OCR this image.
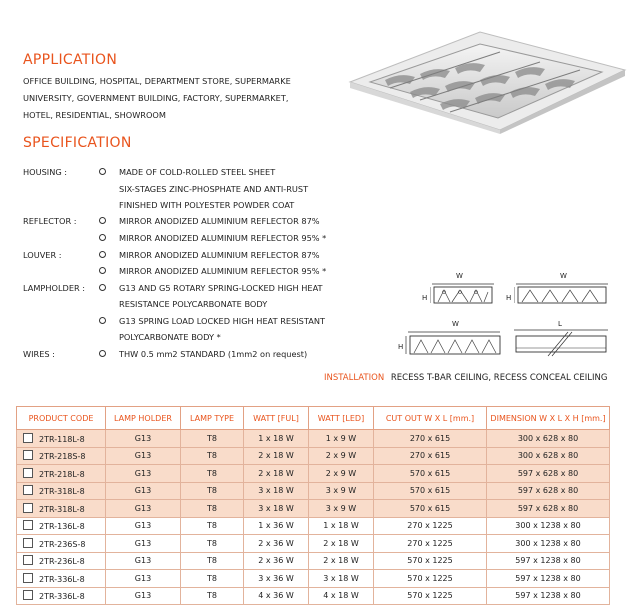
APPLICATION
OFFICE BUILDING, HOSPITAL, DEPARTMENT STORE, SUPERMARKE
UNIVERSITY, GOVERNMENT BUILDING, FACTORY, SUPERMARKET,
HOTEL, RESIDENTIAL, SHOWROOM
SPECIFICATION
HOUSING :	MADE OF COLD-ROLLED STEEL SHEET
SIX-STAGES ZINC-PHOSPHATE AND ANTI-RUST
FINISHED WITH POLYESTER POWDER COAT
REFLECTOR :	MIRROR ANODIZED ALUMINIUM REFLECTOR 87%
MIRROR ANODIZED ALUMINIUM REFLECTOR 95% *
LOUVER :	MIRROR ANODIZED ALUMINIUM REFLECTOR 87%
MIRROR ANODIZED ALUMINIUM REFLECTOR 95% *
LAMPHOLDER :	G13 AND G5 ROTARY SPRING-LOCKED HIGH HEAT
RESISTANCE POLYCARBONATE BODY
G13 SPRING LOAD LOCKED HIGH HEAT RESISTANT
POLYCARBONATE BODY *
WIRES :	THW 0.5 mm2 STANDARD (1mm2 on request)
W
H
W
H
W
H
L
INSTALLATION RECESS T-BAR CEILING, RECESS CONCEAL CEILING
PRODUCT CODE	LAMP HOLDER	LAMP TYPE	WATT [FUL]	WATT [LED]	CUT OUT W X L [mm.]	DIMENSION W X L X H [mm.]
2TR-118L-8	G13	T8	1 x 18 W	1 x 9 W	270 x 615	300 x 628 x 80
2TR-218S-8	G13	T8	2 x 18 W	2 x 9 W	270 x 615	300 x 628 x 80
2TR-218L-8	G13	T8	2 x 18 W	2 x 9 W	570 x 615	597 x 628 x 80
2TR-318L-8	G13	T8	3 x 18 W	3 x 9 W	570 x 615	597 x 628 x 80
2TR-318L-8	G13	T8	3 x 18 W	3 x 9 W	570 x 615	597 x 628 x 80
2TR-136L-8	G13	T8	1 x 36 W	1 x 18 W	270 x 1225	300 x 1238 x 80
2TR-236S-8	G13	T8	2 x 36 W	2 x 18 W	270 x 1225	300 x 1238 x 80
2TR-236L-8	G13	T8	2 x 36 W	2 x 18 W	570 x 1225	597 x 1238 x 80
2TR-336L-8	G13	T8	3 x 36 W	3 x 18 W	570 x 1225	597 x 1238 x 80
2TR-336L-8	G13	T8	4 x 36 W	4 x 18 W	570 x 1225	597 x 1238 x 80
